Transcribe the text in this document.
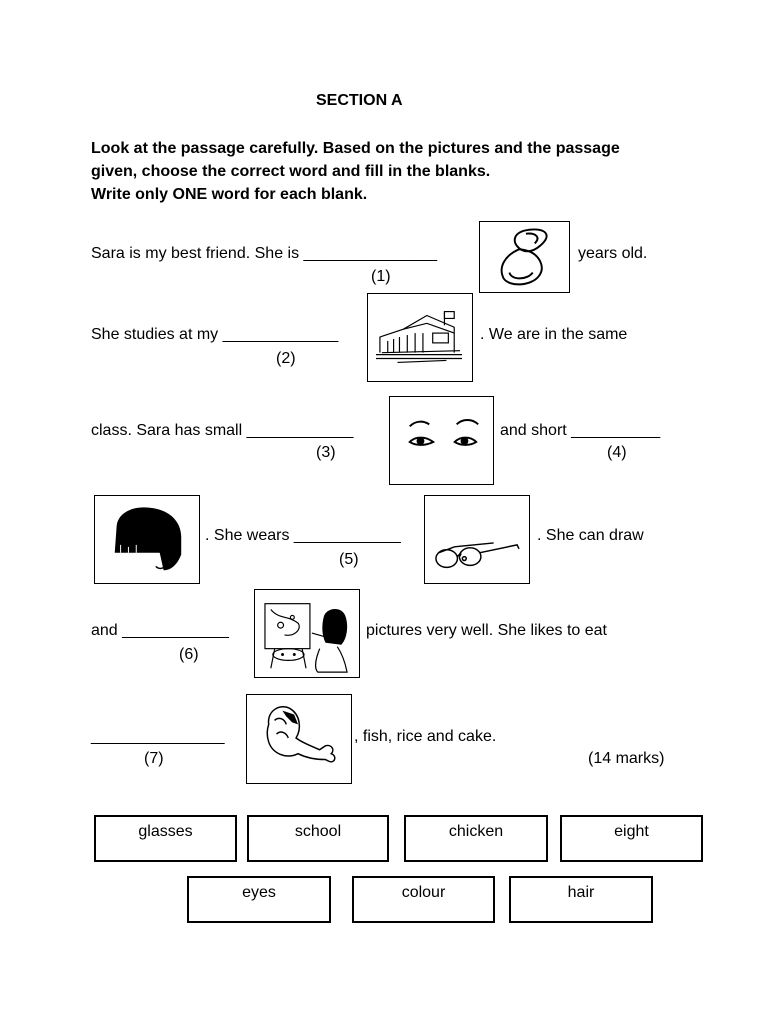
SECTION A
Look at the passage carefully. Based on the pictures and the passage
given, choose the correct word and fill in the blanks.
Write only ONE word for each blank.
Sara is my best friend. She is _______________
(1)
years old.
She studies at my _____________
(2)
. We are in the same
class. Sara has small ____________
(3)
and short __________
(4)
. She wears ____________
(5)
. She can draw
and ____________
(6)
pictures very well. She likes to eat
_______________
(7)
, fish, rice and cake.
(14 marks)
glasses	school	chicken	eight
eyes	colour	hair
